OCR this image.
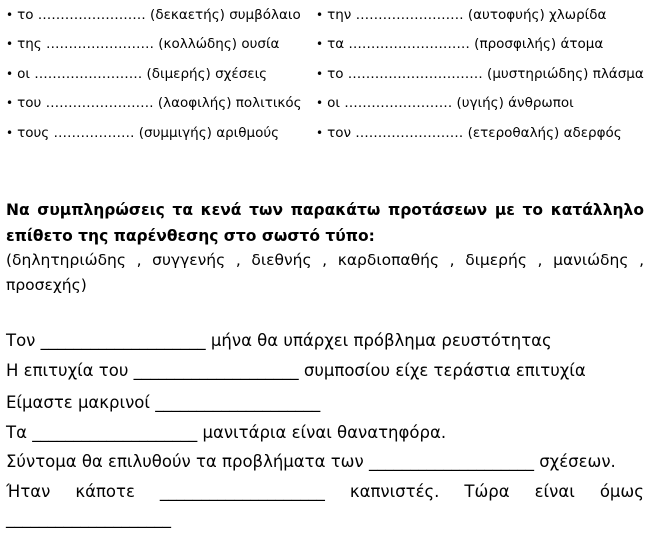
• το …………………… (δεκαετής) συμβόλαιο • την …………………… (αυτοφυής) χλωρίδα
• της …………………… (κολλώδης) ουσία	• τα ……………………… (προσφιλής) άτομα
• οι …………………… (διμερής) σχέσεις	• το ………………………… (μυστηριώδης) πλάσμα
• του …………………… (λαοφιλής) πολιτικός • οι …………………… (υγιής) άνθρωποι
• τους ……………… (συμμιγής) αριθμούς	• τον …………………… (ετεροθαλής) αδερφός
Να συμπληρώσεις τα κενά των παρακάτω προτάσεων με το κατάλληλο επίθετο της παρένθεσης στο σωστό τύπο:
(δηλητηριώδης , συγγενής , διεθνής , καρδιοπαθής , διμερής , μανιώδης , προσεχής)
Τον ____________________ μήνα θα υπάρχει πρόβλημα ρευστότητας
Η επιτυχία του ____________________ συμποσίου είχε τεράστια επιτυχία
Είμαστε μακρινοί ____________________
Τα ____________________ μανιτάρια είναι θανατηφόρα.
Σύντομα θα επιλυθούν τα προβλήματα των ____________________ σχέσεων.
Ήταν κάποτε ____________________ καπνιστές. Τώρα είναι όμως
____________________
